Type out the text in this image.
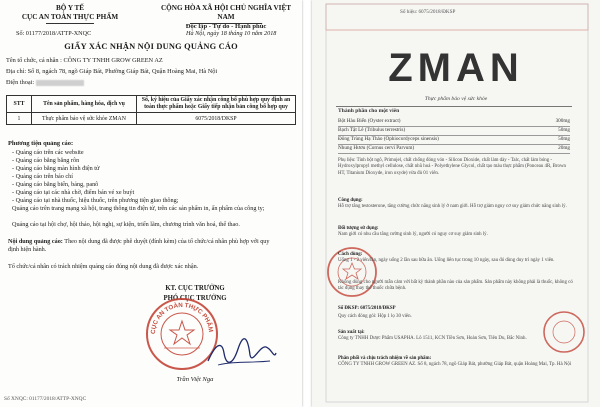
BỘ Y TẾ
CỤC AN TOÀN THỰC PHẨM
CỘNG HÒA XÃ HỘI CHỦ NGHĨA VIỆT NAM
Độc lập - Tự do - Hạnh phúc
Số: 01177/2018/ATTP-XNQC	Hà Nội, ngày 18 tháng 10 năm 2018
GIẤY XÁC NHẬN NỘI DUNG QUẢNG CÁO
Tên tổ chức, cá nhân : CÔNG TY TNHH GROW GREEN AZ
Địa chỉ: Số 8, ngách 78, ngõ Giáp Bát, Phường Giáp Bát, Quận Hoàng Mai, Hà Nội
Điện thoại:
STT	Tên sản phẩm, hàng hóa, dịch vụ	Số, ký hiệu của Giấy xác nhận công bố phù hợp quy định an toàn thực phẩm hoặc Giấy tiếp nhận bản công bố hợp quy
1	Thực phẩm bảo vệ sức khỏe ZMAN	6075/2018/DKSP
Phương tiện quảng cáo:
- Quảng cáo trên các website
- Quảng cáo bằng băng rôn
- Quảng cáo bằng màn hình điện tử
- Quảng cáo trên báo chí
- Quảng cáo bằng biển, bảng, panô
- Quảng cáo tại các nhà chờ, điểm bán vé xe buýt
- Quảng cáo tại nhà thuốc, hiệu thuốc, trên phương tiện giao thông;
Quảng cáo trên trang mạng xã hội, trang thông tin điện tử, trên các sản phẩm in, ấn phẩm của công ty;
Quảng cáo tại hội chợ, hội thảo, hội nghị, sự kiện, triển lãm, chương trình văn hoá, thể thao.
Nội dung quảng cáo: Theo nội dung đã được phê duyệt (đính kèm) của tổ chức/cá nhân phù hợp với quy định hiện hành.
Tổ chức/cá nhân có trách nhiệm quảng cáo đúng nội dung đã được xác nhận.
KT. CỤC TRƯỞNG
PHÓ CỤC TRƯỞNG
CỤC AN TOÀN THỰC PHẨM
Trần Việt Nga
Số XNQC: 01177/2018/ATTP-XNQC
Số hiệu: 6075/2018/ĐKSP
ZMAN
Thực phẩm bảo vệ sức khỏe
Thành phần cho một viên
Bột Hàu Biển (Oyster extract)	300mg
Bạch Tật Lê (Tribulus terrestris)	50mg
Đông Trùng Hạ Thảo (Ophiocordyceps sinensis)	50mg
Nhung Hươu (Cornus cervi Parvum)	20mg
Phụ liệu: Tinh bột ngô, Primojel, chất chống đóng vón - Silicon Dioxide, chất làm dày - Talc, chất làm bóng - Hydroxylpropyl methyl cellulose, chất nhũ hoá - Polyethylene Glycol, chất tạo màu thực phẩm (Ponceau 4R, Brown HT, Titanium Dioxyde, iron oxyde) vừa đủ 01 viên.
Công dụng:
Hỗ trợ tăng testosterone, tăng cường chức năng sinh lý ở nam giới. Hỗ trợ giảm nguy cơ suy giảm chức năng sinh lý.
Đối tượng sử dụng:
Nam giới có nhu cầu tăng cường sinh lý, người có nguy cơ suy giảm sinh lý.
Cách dùng:
Uống 1 - 2 viên/lần, ngày uống 2 lần sau bữa ăn. Uống liên tục trong 10 ngày, sau đó dùng duy trì ngày 1 viên.
Không dùng cho người mẫn cảm với bất kỳ thành phần nào của sản phẩm. Sản phẩm này không phải là thuốc, không có tác dụng thay thế thuốc chữa bệnh.
Số ĐKSP: 6075/2018/ĐKSP
Quy cách đóng gói: Hộp 1 lọ 30 viên.
Sản xuất tại:
Công ty TNHH Dược Phẩm USAPHA. Lô 1511, KCN Tiền Sơn, Hoàn Sơn, Tiên Du, Bắc Ninh.
Phân phối và chịu trách nhiệm về sản phẩm:
CÔNG TY TNHH GROW GREEN AZ. Số 8, ngách 78, ngõ Giáp Bát, phường Giáp Bát, quận Hoàng Mai, Tp. Hà Nội
